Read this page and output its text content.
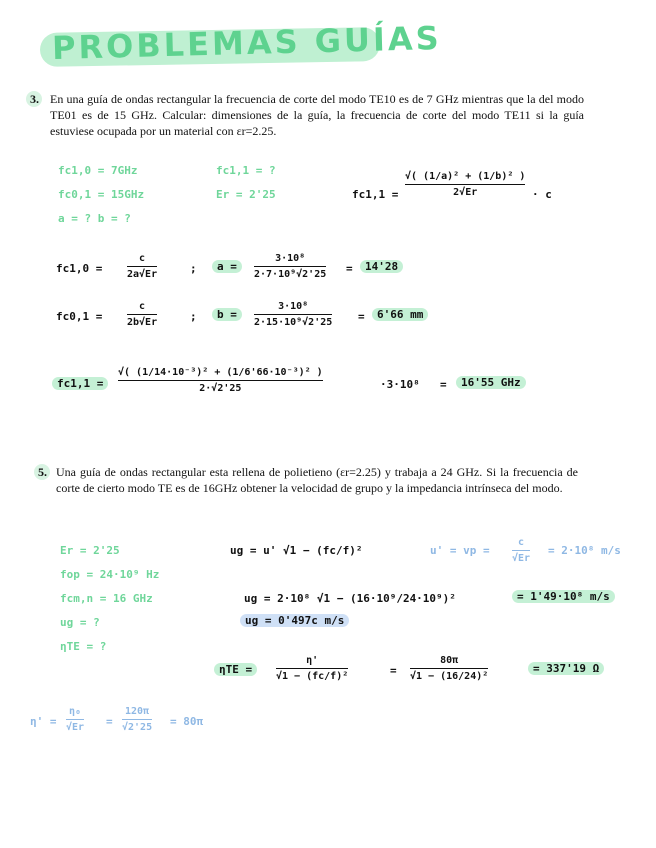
PROBLEMAS GUÍAS
3. En una guía de ondas rectangular la frecuencia de corte del modo TE10 es de 7 GHz mientras que la del modo TE01 es de 15 GHz. Calcular: dimensiones de la guía, la frecuencia de corte del modo TE11 si la guía estuviese ocupada por un material con εr=2.25.
fc1,0 = 7GHz
fc0,1 = 15GHz
a = ? b = ?
fc1,1 = ?
Er = 2'25	fc1,1 =
√( (1/a)² + (1/b)² )
2√Er	· c
fc1,0 =
c
2a√Er	;	a =
3·10⁸
2·7·10⁹√2'25 =	14'28
fc0,1 =
c
2b√Er	;	b =
3·10⁸
2·15·10⁹√2'25 =	6'66 mm
fc1,1 =
√( (1/14·10⁻³)² + (1/6'66·10⁻³)² )
2·√2'25	·3·10⁸ =	16'55 GHz
5. Una guía de ondas rectangular esta rellena de polietieno (εr=2.25) y trabaja a 24 GHz. Si la frecuencia de corte de cierto modo TE es de 16GHz obtener la velocidad de grupo y la impedancia intrínseca del modo.
Er = 2'25
fop = 24·10⁹ Hz
fcm,n = 16 GHz
ug = ?
ηTE = ?
ug = u' √1 − (fc/f)²	u' = vp =
c
√Er
= 2·10⁸ m/s
ug = 2·10⁸ √1 − (16·10⁹/24·10⁹)²	= 1'49·10⁸ m/s
ug = 0'497c m/s
ηTE =
η'
√1 − (fc/f)²	=
80π
√1 − (16/24)²
= 337'19 Ω
η' =
η₀
√Er =
120π
√2'25 = 80π
